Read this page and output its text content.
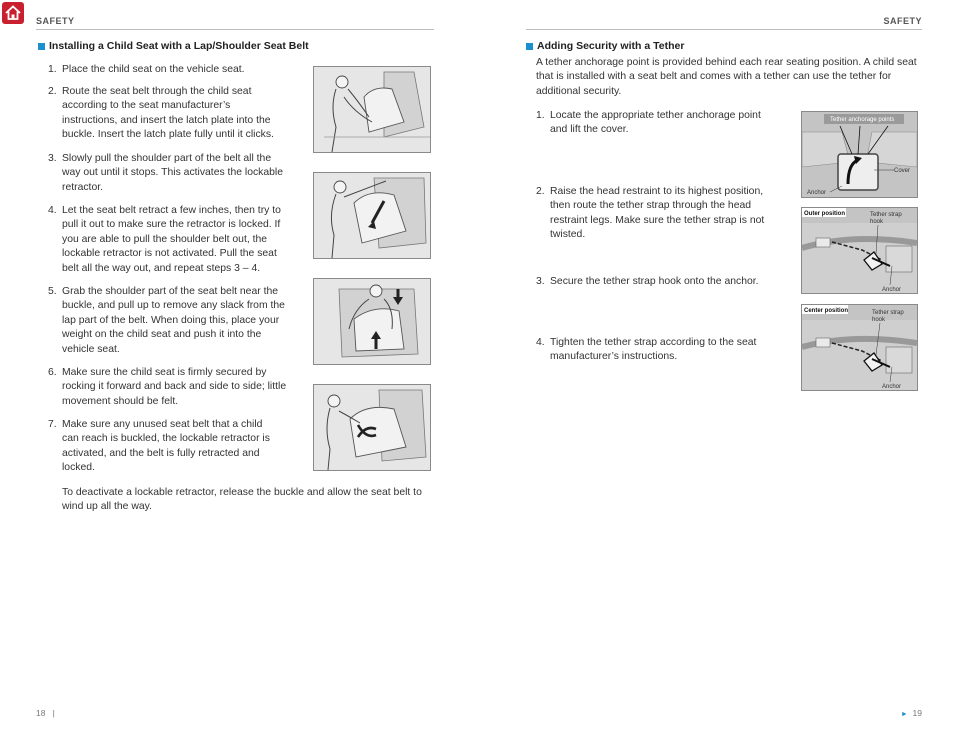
SAFETY
Installing a Child Seat with a Lap/Shoulder Seat Belt
1. Place the child seat on the vehicle seat.
2. Route the seat belt through the child seat according to the seat manufacturer’s instructions, and insert the latch plate into the buckle. Insert the latch plate fully until it clicks.
3. Slowly pull the shoulder part of the belt all the way out until it stops. This activates the lockable retractor.
4. Let the seat belt retract a few inches, then try to pull it out to make sure the retractor is locked. If you are able to pull the shoulder belt out, the lockable retractor is not activated. Pull the seat belt all the way out, and repeat steps 3 – 4.
5. Grab the shoulder part of the seat belt near the buckle, and pull up to remove any slack from the lap part of the belt. When doing this, place your weight on the child seat and push it into the vehicle seat.
6. Make sure the child seat is firmly secured by rocking it forward and back and side to side; little movement should be felt.
7. Make sure any unused seat belt that a child can reach is buckled, the lockable retractor is activated, and the belt is fully retracted and locked.
To deactivate a lockable retractor, release the buckle and allow the seat belt to wind up all the way.
18 |
SAFETY
Adding Security with a Tether
A tether anchorage point is provided behind each rear seating position. A child seat that is installed with a seat belt and comes with a tether can use the tether for additional security.
1. Locate the appropriate tether anchorage point and lift the cover.
2. Raise the head restraint to its highest position, then route the tether strap through the head restraint legs. Make sure the tether strap is not twisted.
3. Secure the tether strap hook onto the anchor.
4. Tighten the tether strap according to the seat manufacturer’s instructions.
Tether anchorage points
Cover
Anchor
Outer position	Tether strap
hook
Anchor
Center position	Tether strap
hook
Anchor
► 19
